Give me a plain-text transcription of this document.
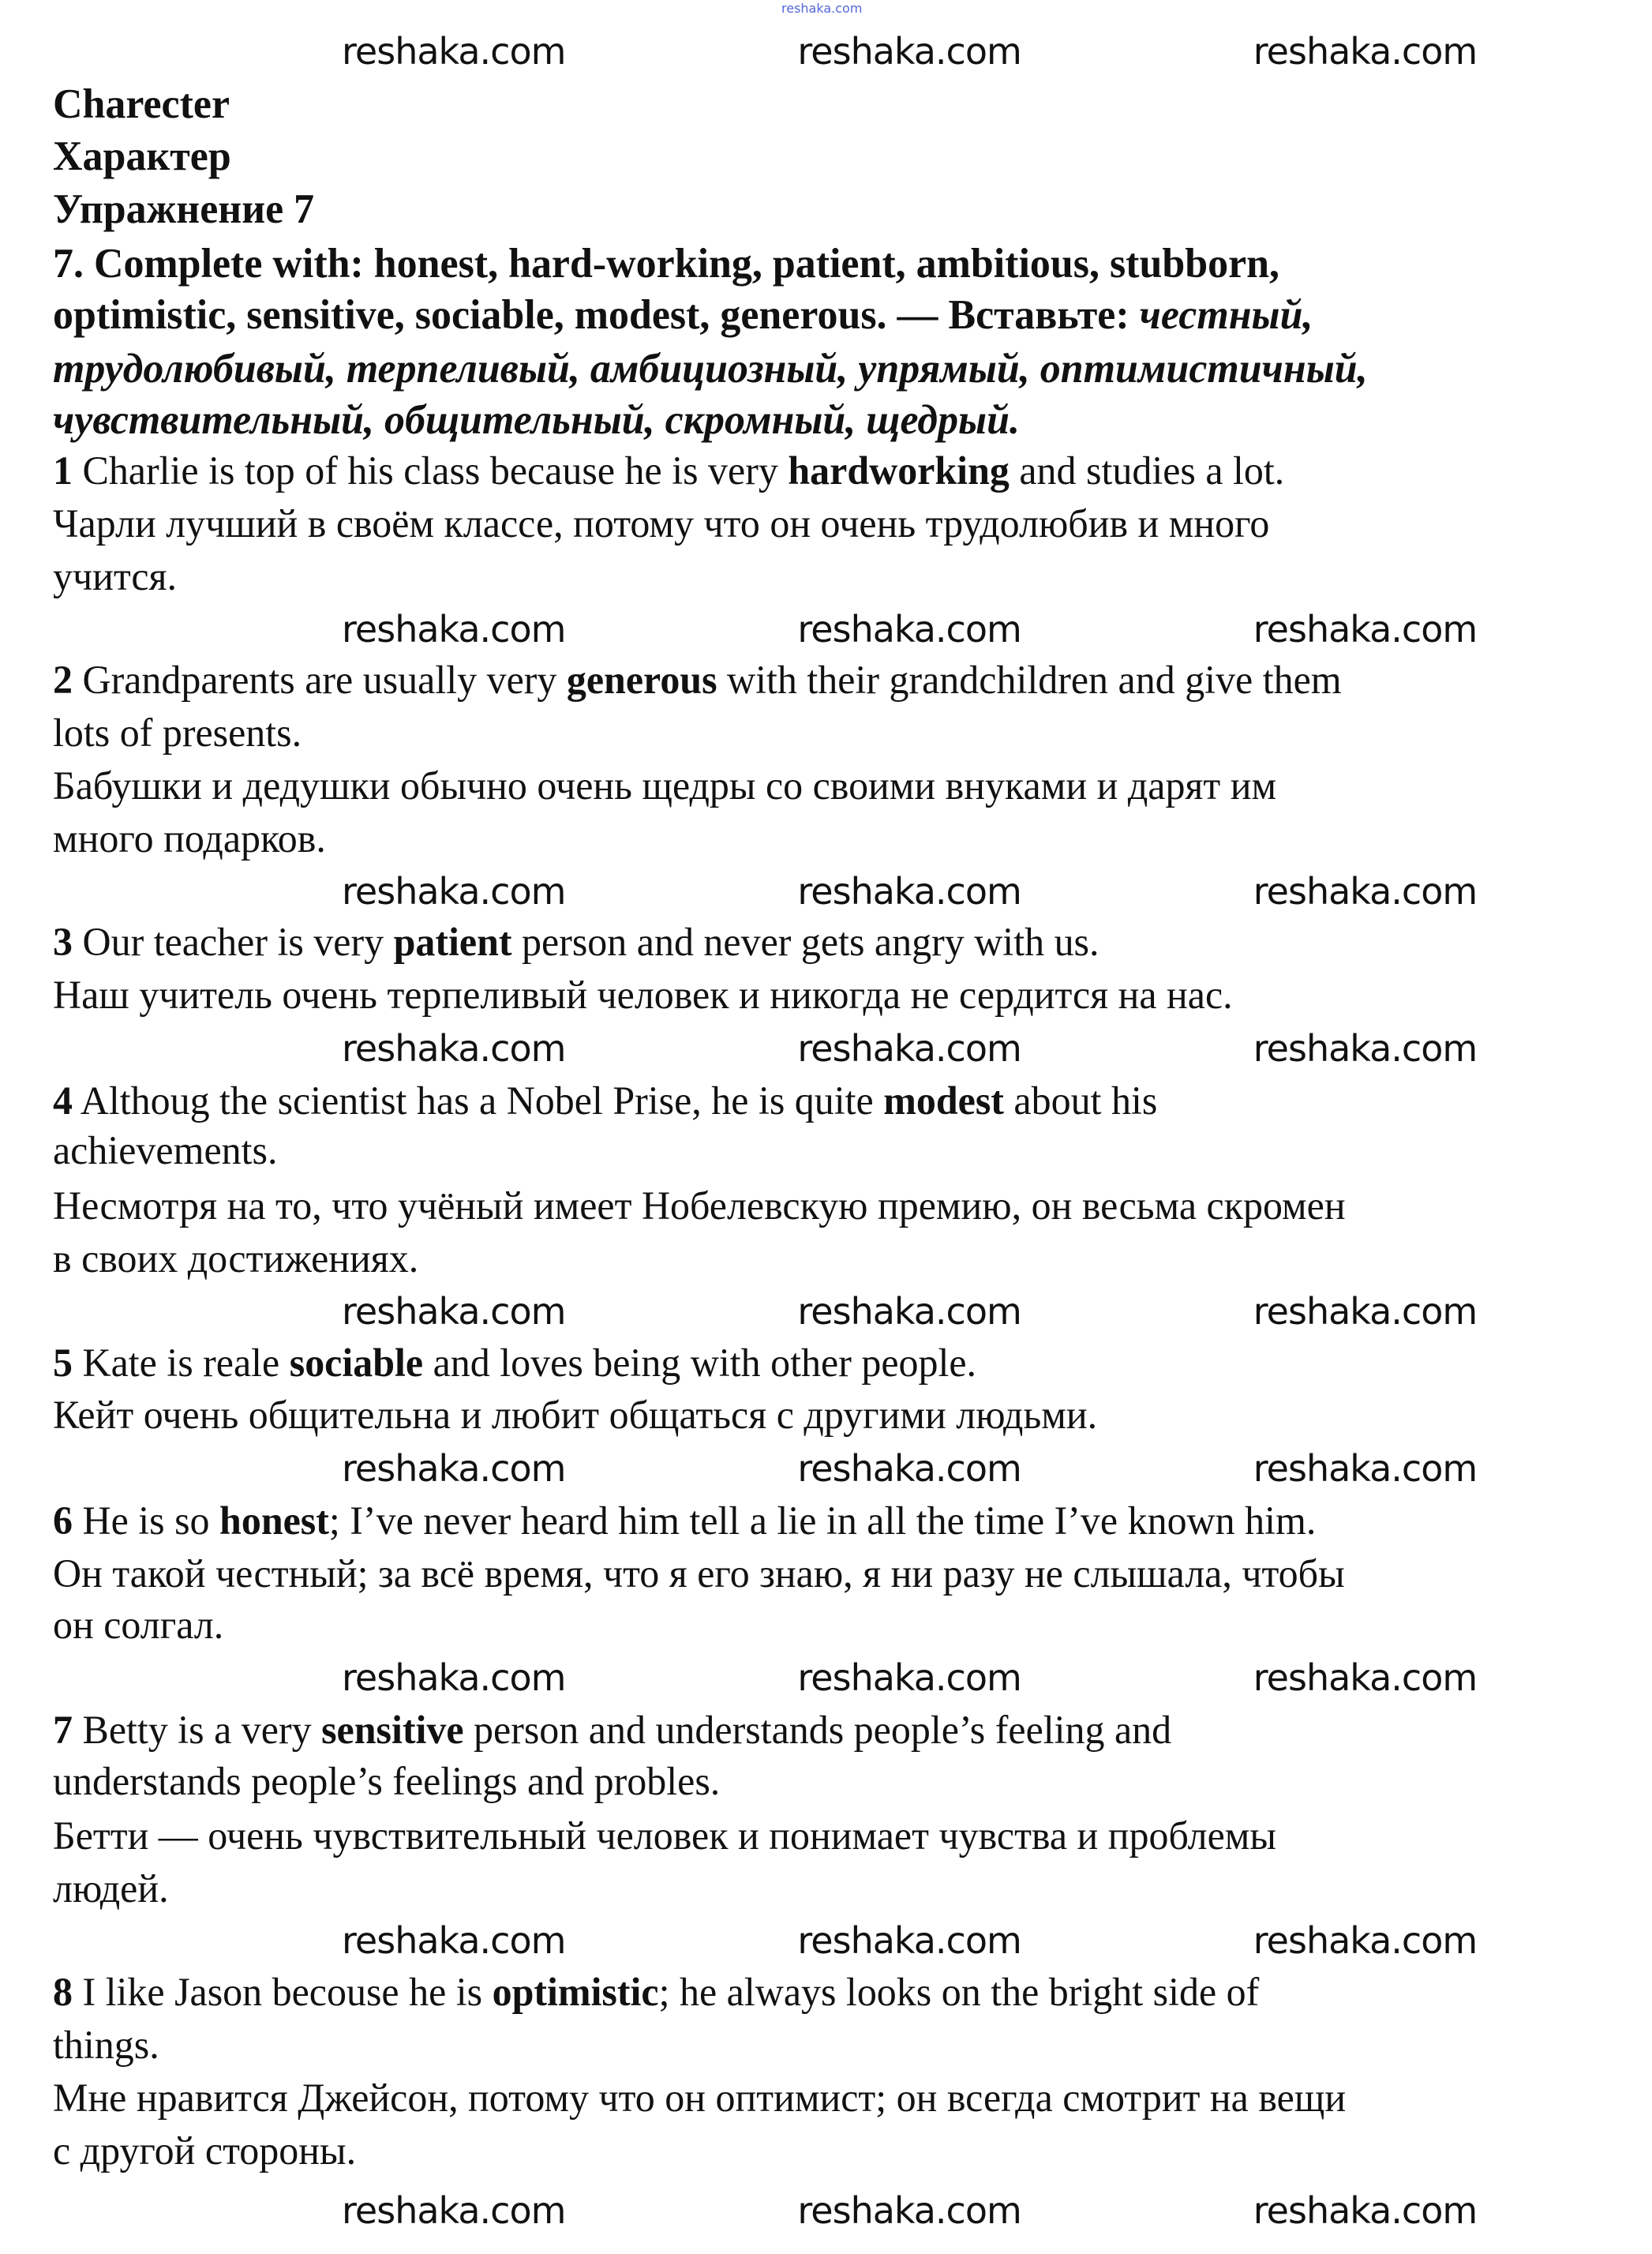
reshaka.com
Charecter
Характер
Упражнение 7
7. Complete with: honest, hard-working, patient, ambitious, stubborn,
optimistic, sensitive, sociable, modest, generous. — Вставьте: честный,
трудолюбивый, терпеливый, амбициозный, упрямый, оптимистичный,
чувствительный, общительный, скромный, щедрый.
1 Charlie is top of his class because he is very hardworking and studies a lot.
Чарли лучший в своём классе, потому что он очень трудолюбив и много
учится.
2 Grandparents are usually very generous with their grandchildren and give them
lots of presents.
Бабушки и дедушки обычно очень щедры со своими внуками и дарят им
много подарков.
3 Our teacher is very patient person and never gets angry with us.
Наш учитель очень терпеливый человек и никогда не сердится на нас.
4 Althoug the scientist has a Nobel Prise, he is quite modest about his
achievements.
Несмотря на то, что учёный имеет Нобелевскую премию, он весьма скромен
в своих достижениях.
5 Kate is reale sociable and loves being with other people.
Кейт очень общительна и любит общаться с другими людьми.
6 He is so honest; I’ve never heard him tell a lie in all the time I’ve known him.
Он такой честный; за всё время, что я его знаю, я ни разу не слышала, чтобы
он солгал.
7 Betty is a very sensitive person and understands people’s feeling and
understands people’s feelings and probles.
Бетти — очень чувствительный человек и понимает чувства и проблемы
людей.
8 I like Jason becouse he is optimistic; he always looks on the bright side of
things.
Мне нравится Джейсон, потому что он оптимист; он всегда смотрит на вещи
с другой стороны.
reshaka.com	reshaka.com	reshaka.com
reshaka.com	reshaka.com	reshaka.com
reshaka.com	reshaka.com	reshaka.com
reshaka.com	reshaka.com	reshaka.com
reshaka.com	reshaka.com	reshaka.com
reshaka.com	reshaka.com	reshaka.com
reshaka.com	reshaka.com	reshaka.com
reshaka.com	reshaka.com	reshaka.com
reshaka.com	reshaka.com	reshaka.com
